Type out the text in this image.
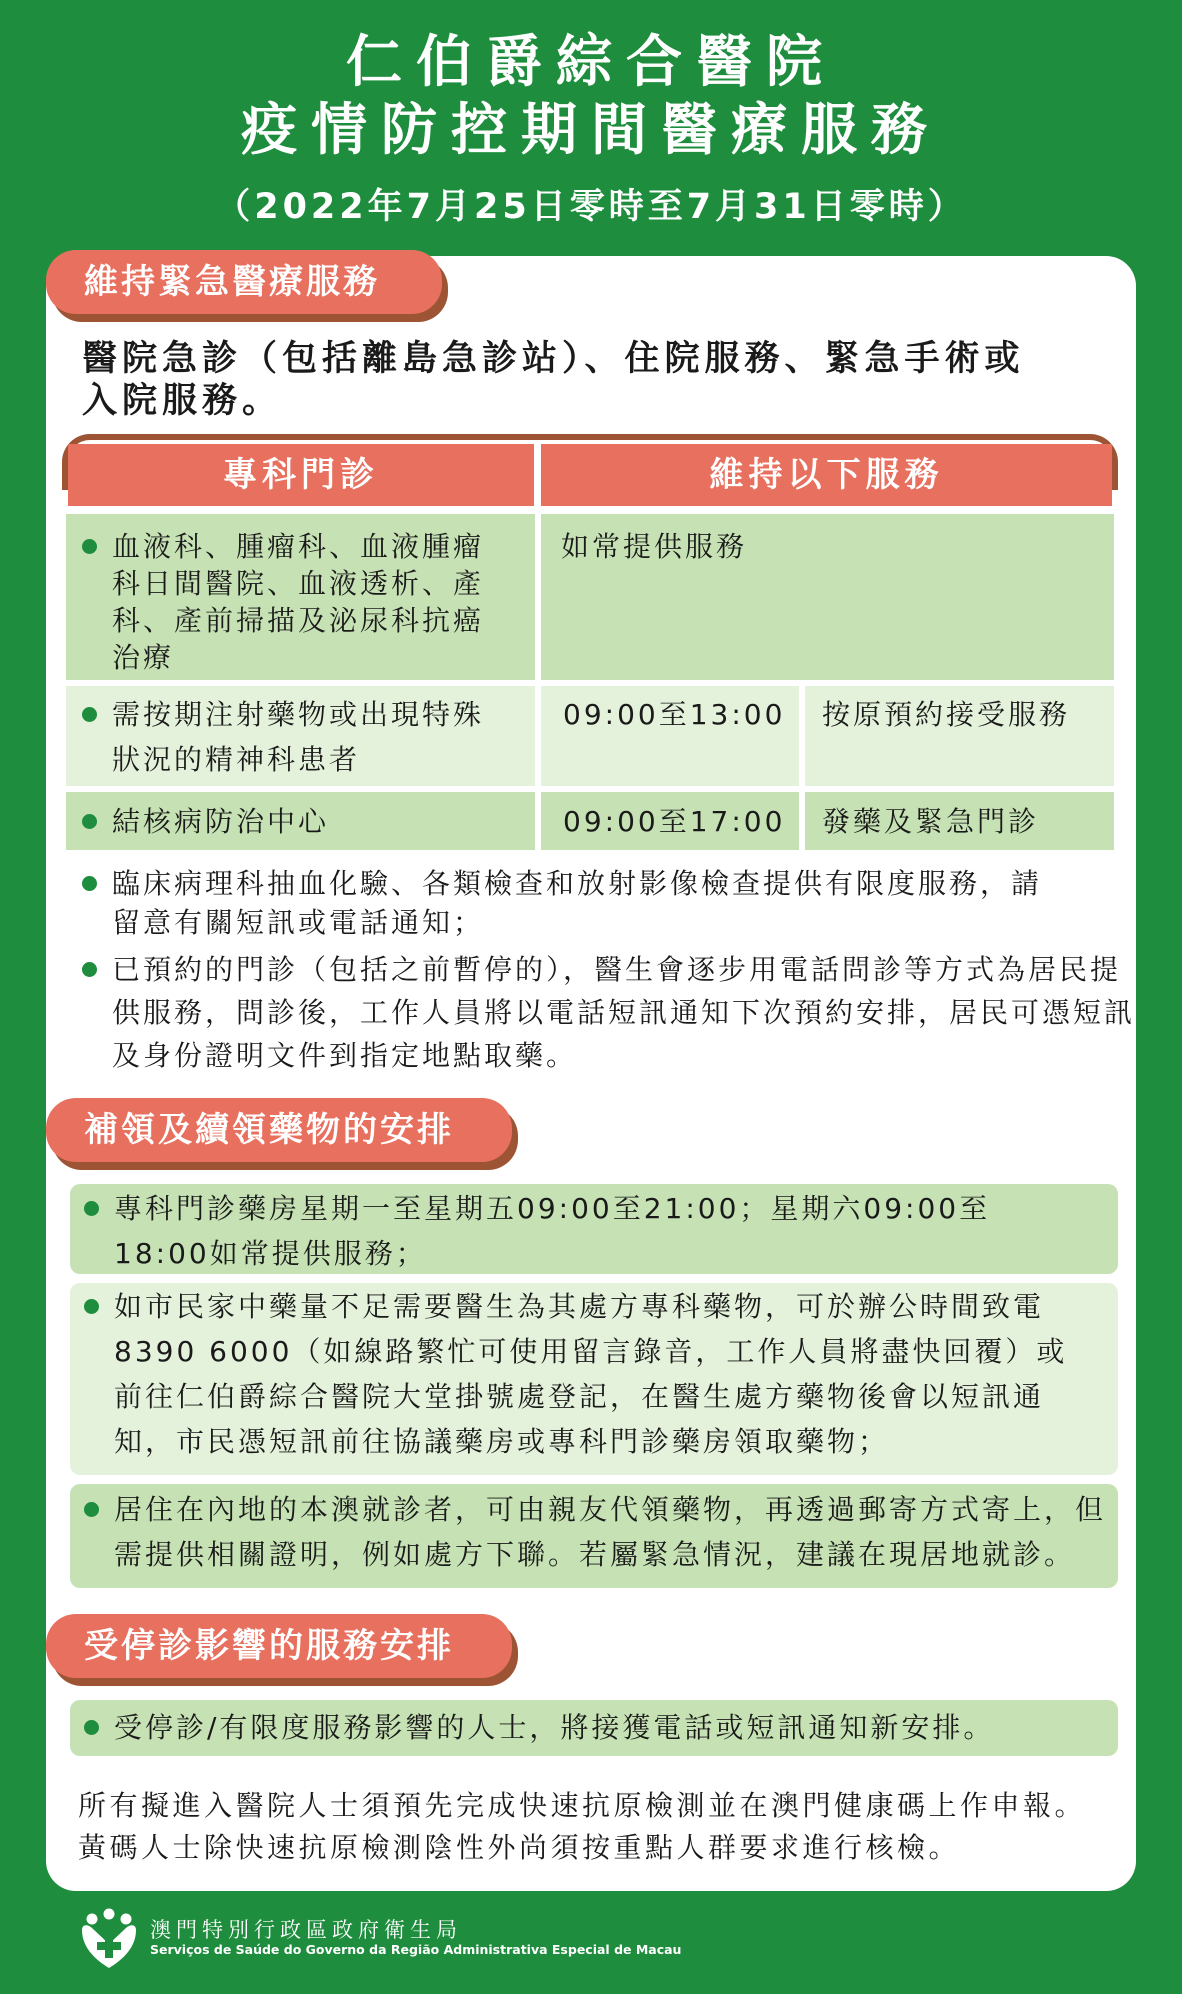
仁伯爵綜合醫院
疫情防控期間醫療服務
（2022年7月25日零時至7月31日零時）
維持緊急醫療服務
醫院急診（包括離島急診站）、住院服務、緊急手術或
入院服務。
專科門診	維持以下服務
血液科、腫瘤科、血液腫瘤
科日間醫院、血液透析、產
科、產前掃描及泌尿科抗癌
治療
如常提供服務
需按期注射藥物或出現特殊
狀況的精神科患者
09:00至13:00 按原預約接受服務
結核病防治中心	09:00至17:00 發藥及緊急門診
臨床病理科抽血化驗、各類檢查和放射影像檢查提供有限度服務，請
留意有關短訊或電話通知；
已預約的門診（包括之前暫停的），醫生會逐步用電話問診等方式為居民提
供服務，問診後，工作人員將以電話短訊通知下次預約安排，居民可憑短訊
及身份證明文件到指定地點取藥。
補領及續領藥物的安排
專科門診藥房星期一至星期五09:00至21:00；星期六09:00至
18:00如常提供服務；
如市民家中藥量不足需要醫生為其處方專科藥物，可於辦公時間致電
8390 6000（如線路繁忙可使用留言錄音，工作人員將盡快回覆）或
前往仁伯爵綜合醫院大堂掛號處登記，在醫生處方藥物後會以短訊通
知，市民憑短訊前往協議藥房或專科門診藥房領取藥物；
居住在內地的本澳就診者，可由親友代領藥物，再透過郵寄方式寄上，但
需提供相關證明，例如處方下聯。若屬緊急情況，建議在現居地就診。
受停診影響的服務安排
受停診/有限度服務影響的人士，將接獲電話或短訊通知新安排。
所有擬進入醫院人士須預先完成快速抗原檢測並在澳門健康碼上作申報。
黃碼人士除快速抗原檢測陰性外尚須按重點人群要求進行核檢。
澳門特別行政區政府衛生局
Serviços de Saúde do Governo da Região Administrativa Especial de Macau
